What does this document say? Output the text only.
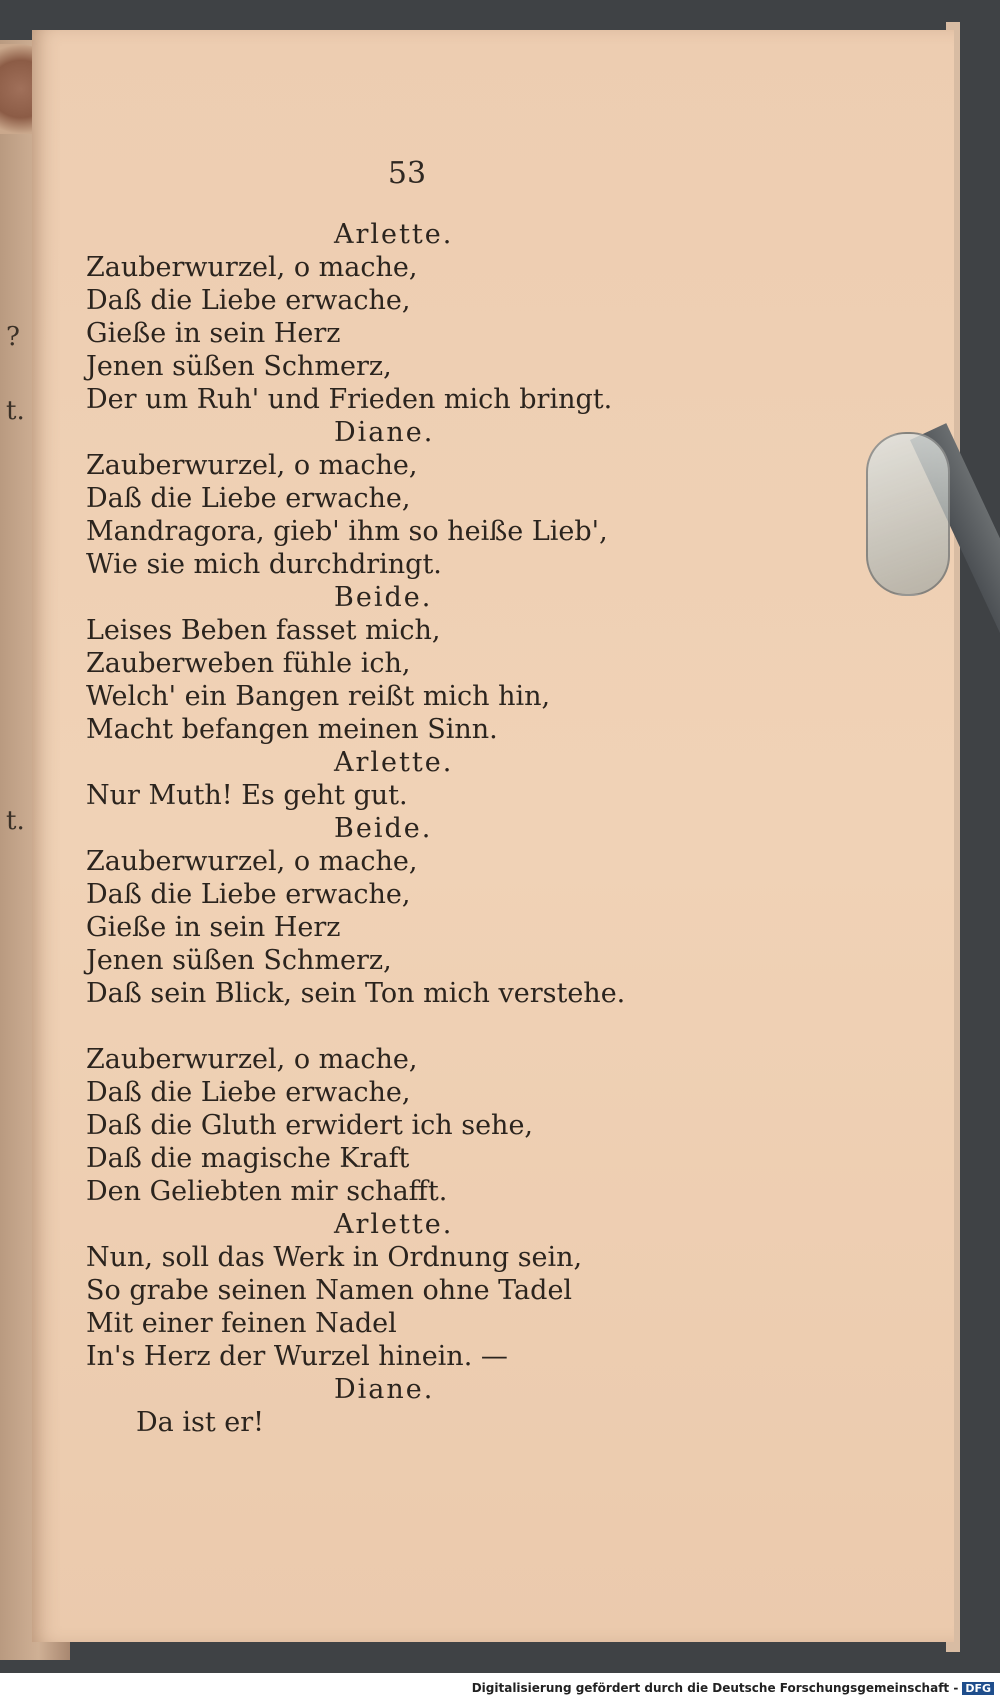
?
t.
t.
53
Arlette.
Zauberwurzel, o mache,
Daß die Liebe erwache,
Gieße in sein Herz
Jenen süßen Schmerz,
Der um Ruh' und Frieden mich bringt.
Diane.
Zauberwurzel, o mache,
Daß die Liebe erwache,
Mandragora, gieb' ihm so heiße Lieb',
Wie sie mich durchdringt.
Beide.
Leises Beben fasset mich,
Zauberweben fühle ich,
Welch' ein Bangen reißt mich hin,
Macht befangen meinen Sinn.
Arlette.
Nur Muth! Es geht gut.
Beide.
Zauberwurzel, o mache,
Daß die Liebe erwache,
Gieße in sein Herz
Jenen süßen Schmerz,
Daß sein Blick, sein Ton mich verstehe.
Zauberwurzel, o mache,
Daß die Liebe erwache,
Daß die Gluth erwidert ich sehe,
Daß die magische Kraft
Den Geliebten mir schafft.
Arlette.
Nun, soll das Werk in Ordnung sein,
So grabe seinen Namen ohne Tadel
Mit einer feinen Nadel
In's Herz der Wurzel hinein. —
Diane.
Da ist er!
Digitalisierung gefördert durch die Deutsche Forschungsgemeinschaft - DFG
